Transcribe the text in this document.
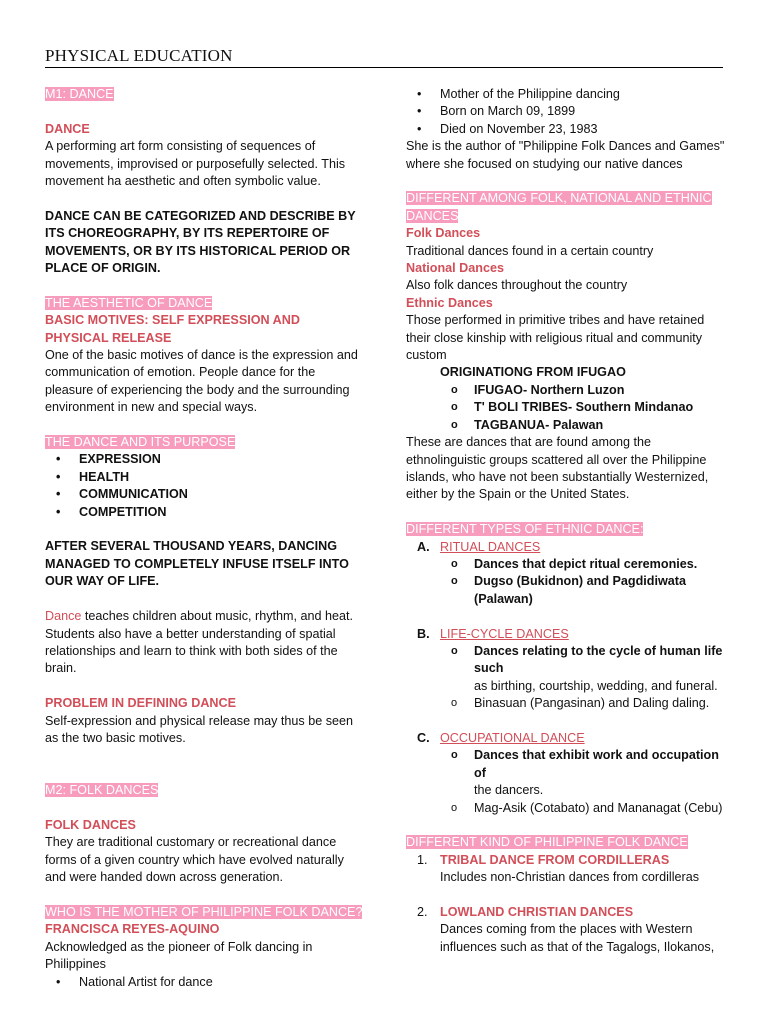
PHYSICAL EDUCATION
M1: DANCE
DANCE
A performing art form consisting of sequences of movements, improvised or purposefully selected. This movement ha aesthetic and often symbolic value.
DANCE CAN BE CATEGORIZED AND DESCRIBE BY ITS CHOREOGRAPHY, BY ITS REPERTOIRE OF MOVEMENTS, OR BY ITS HISTORICAL PERIOD OR PLACE OF ORIGIN.
THE AESTHETIC OF DANCE
BASIC MOTIVES: SELF EXPRESSION AND PHYSICAL RELEASE
One of the basic motives of dance is the expression and communication of emotion. People dance for the pleasure of experiencing the body and the surrounding environment in new and special ways.
THE DANCE AND ITS PURPOSE
• EXPRESSION
• HEALTH
• COMMUNICATION
• COMPETITION
AFTER SEVERAL THOUSAND YEARS, DANCING MANAGED TO COMPLETELY INFUSE ITSELF INTO OUR WAY OF LIFE.
Dance teaches children about music, rhythm, and heat. Students also have a better understanding of spatial relationships and learn to think with both sides of the brain.
PROBLEM IN DEFINING DANCE
Self-expression and physical release may thus be seen as the two basic motives.
M2: FOLK DANCES
FOLK DANCES
They are traditional customary or recreational dance forms of a given country which have evolved naturally and were handed down across generation.
WHO IS THE MOTHER OF PHILIPPINE FOLK DANCE?
FRANCISCA REYES-AQUINO
Acknowledged as the pioneer of Folk dancing in Philippines
• National Artist for dance
• Mother of the Philippine dancing
• Born on March 09, 1899
• Died on November 23, 1983
She is the author of "Philippine Folk Dances and Games" where she focused on studying our native dances
DIFFERENT AMONG FOLK, NATIONAL AND ETHNIC DANCES
Folk Dances
Traditional dances found in a certain country
National Dances
Also folk dances throughout the country
Ethnic Dances
Those performed in primitive tribes and have retained their close kinship with religious ritual and community custom
ORIGINATIONG FROM IFUGAO
o IFUGAO- Northern Luzon
o T' BOLI TRIBES- Southern Mindanao
o TAGBANUA- Palawan
These are dances that are found among the ethnolinguistic groups scattered all over the Philippine islands, who have not been substantially Westernized, either by the Spain or the United States.
DIFFERENT TYPES OF ETHNIC DANCE:
A. RITUAL DANCES
o Dances that depict ritual ceremonies.
o Dugso (Bukidnon) and Pagdidiwata (Palawan)
B. LIFE-CYCLE DANCES
o Dances relating to the cycle of human life such
as birthing, courtship, wedding, and funeral.
o Binasuan (Pangasinan) and Daling daling.
C. OCCUPATIONAL DANCE
o Dances that exhibit work and occupation of
the dancers.
o Mag-Asik (Cotabato) and Mananagat (Cebu)
DIFFERENT KIND OF PHILIPPINE FOLK DANCE
1. TRIBAL DANCE FROM CORDILLERAS
Includes non-Christian dances from cordilleras
2. LOWLAND CHRISTIAN DANCES
Dances coming from the places with Western influences such as that of the Tagalogs, Ilokanos,
